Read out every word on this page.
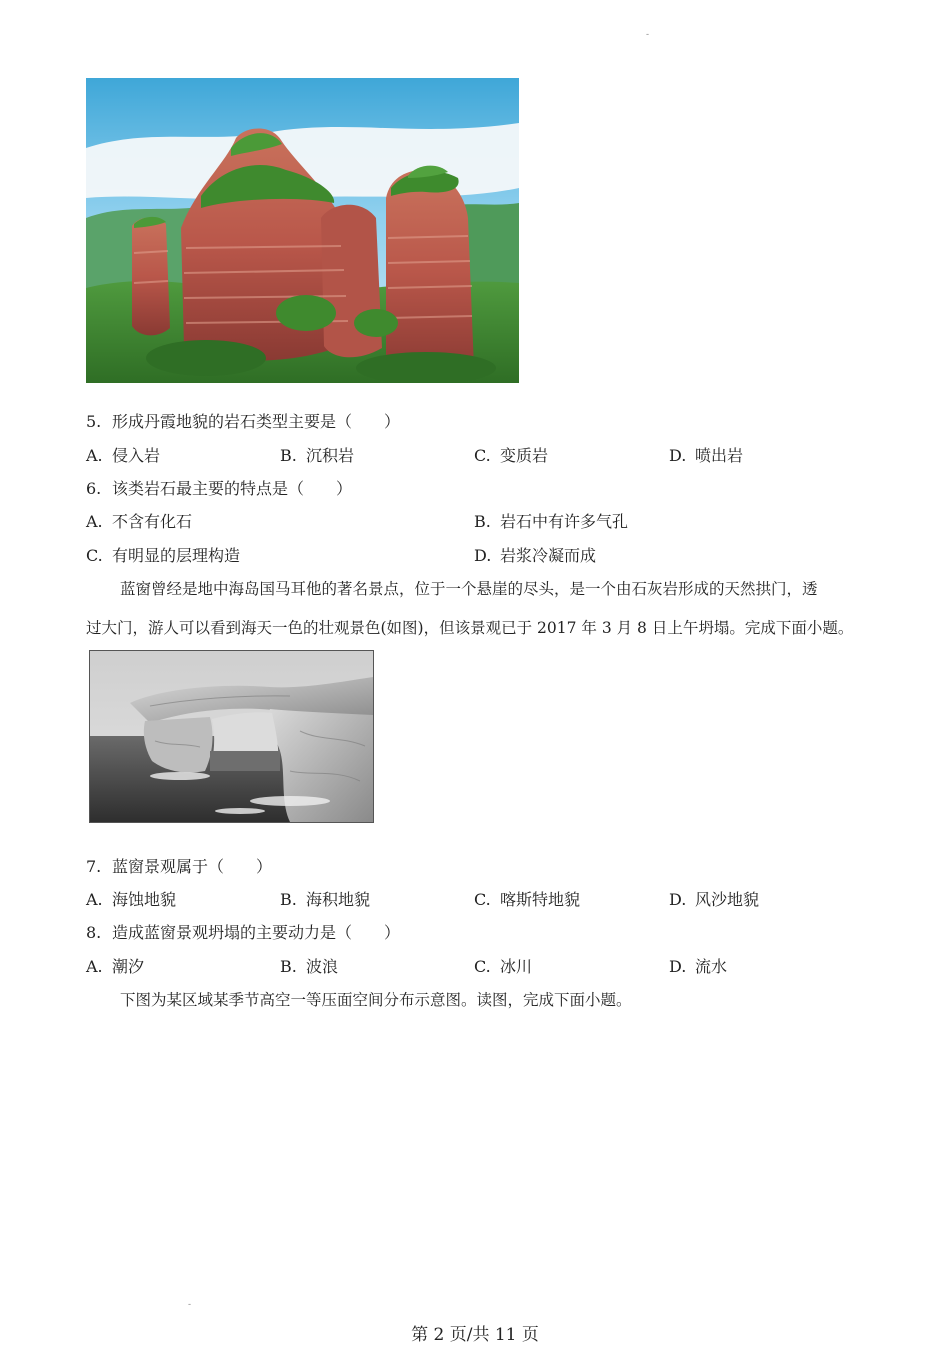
-
5. 形成丹霞地貌的岩石类型主要是（　　）
A. 侵入岩	B. 沉积岩	C. 变质岩	D. 喷出岩
6. 该类岩石最主要的特点是（　　）
A. 不含有化石	B. 岩石中有许多气孔
C. 有明显的层理构造	D. 岩浆冷凝而成
蓝窗曾经是地中海岛国马耳他的著名景点，位于一个悬崖的尽头，是一个由石灰岩形成的天然拱门，透
过大门，游人可以看到海天一色的壮观景色(如图)，但该景观已于 2017 年 3 月 8 日上午坍塌。完成下面小题。
7. 蓝窗景观属于（　　）
A. 海蚀地貌	B. 海积地貌	C. 喀斯特地貌	D. 风沙地貌
8. 造成蓝窗景观坍塌的主要动力是（　　）
A. 潮汐	B. 波浪	C. 冰川	D. 流水
下图为某区域某季节高空一等压面空间分布示意图。读图，完成下面小题。
-
第 2 页/共 11 页
